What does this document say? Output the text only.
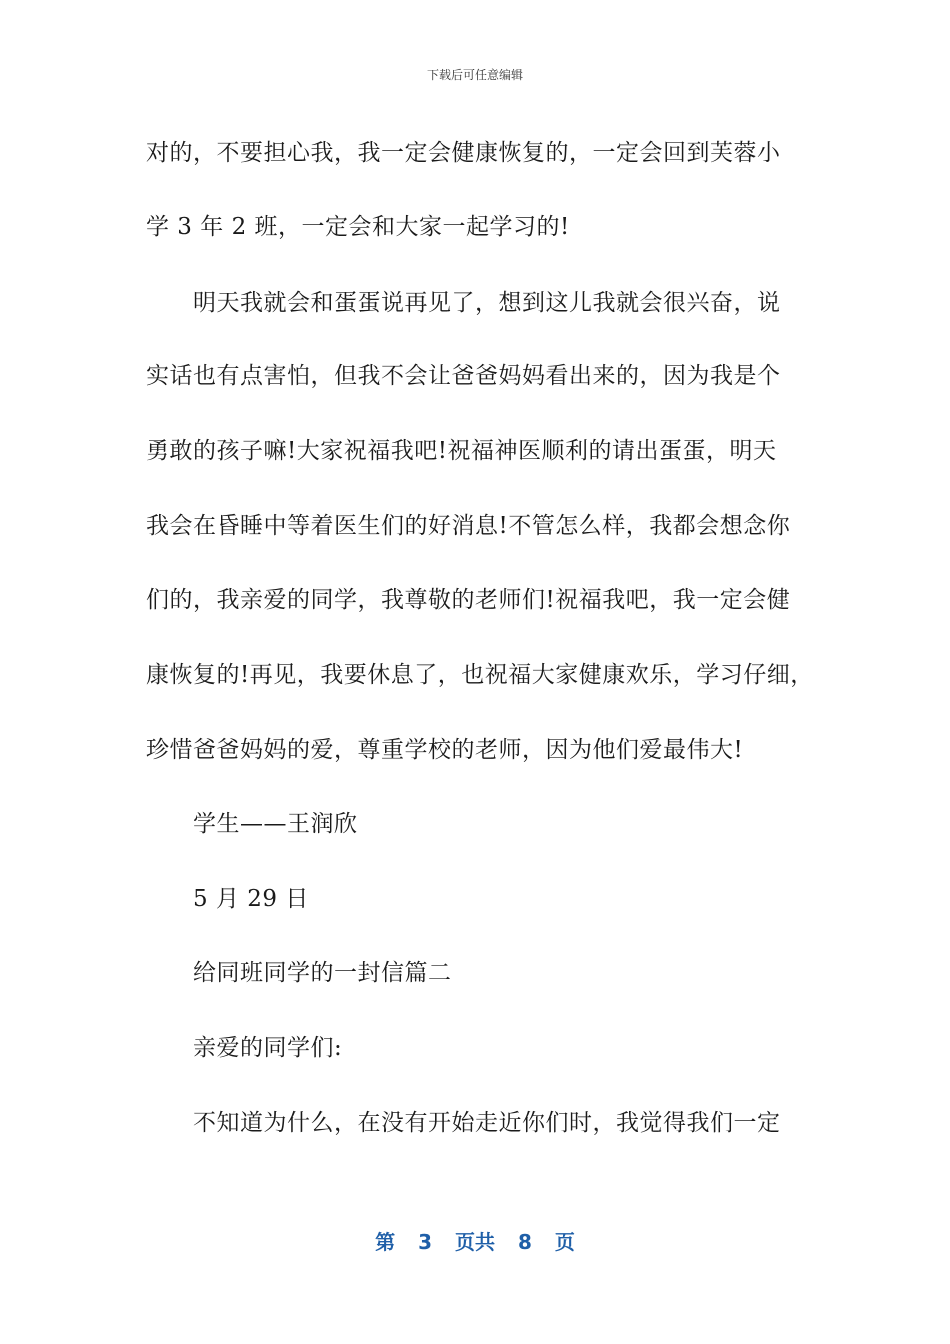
下载后可任意编辑
对的，不要担心我，我一定会健康恢复的，一定会回到芙蓉小
学 3 年 2 班，一定会和大家一起学习的!
明天我就会和蛋蛋说再见了，想到这儿我就会很兴奋，说
实话也有点害怕，但我不会让爸爸妈妈看出来的，因为我是个
勇敢的孩子嘛!大家祝福我吧!祝福神医顺利的请出蛋蛋，明天
我会在昏睡中等着医生们的好消息!不管怎么样，我都会想念你
们的，我亲爱的同学，我尊敬的老师们!祝福我吧，我一定会健
康恢复的!再见，我要休息了，也祝福大家健康欢乐，学习仔细，
珍惜爸爸妈妈的爱，尊重学校的老师，因为他们爱最伟大!
学生——王润欣
5 月 29 日
给同班同学的一封信篇二
亲爱的同学们:
不知道为什么，在没有开始走近你们时，我觉得我们一定
第 3 页共 8 页
